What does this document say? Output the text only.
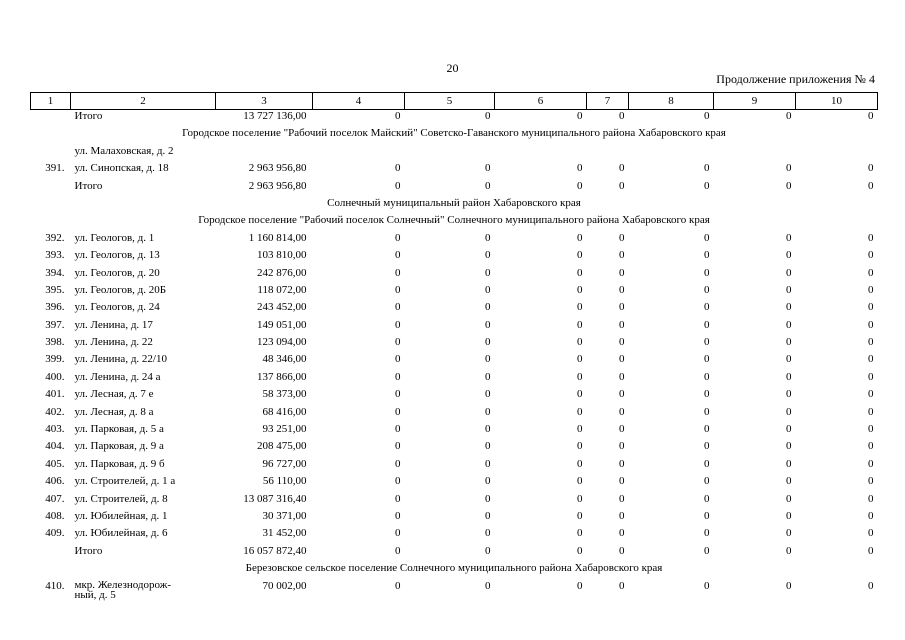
20
Продолжение приложения № 4
1	2	3	4	5	6	7	8	9	10
	Итого	13 727 136,00	0	0	0	0	0	0	0
Городское поселение "Рабочий поселок Майский" Советско-Гаванского муниципального района Хабаровского края									
	ул. Малаховская, д. 2								
391.	ул. Синопская, д. 18	2 963 956,80	0	0	0	0	0	0	0
	Итого	2 963 956,80	0	0	0	0	0	0	0
Солнечный муниципальный район Хабаровского края									
Городское поселение "Рабочий поселок Солнечный" Солнечного муниципального района Хабаровского края									
392.	ул. Геологов, д. 1	1 160 814,00	0	0	0	0	0	0	0
393.	ул. Геологов, д. 13	103 810,00	0	0	0	0	0	0	0
394.	ул. Геологов, д. 20	242 876,00	0	0	0	0	0	0	0
395.	ул. Геологов, д. 20Б	118 072,00	0	0	0	0	0	0	0
396.	ул. Геологов, д. 24	243 452,00	0	0	0	0	0	0	0
397.	ул. Ленина, д. 17	149 051,00	0	0	0	0	0	0	0
398.	ул. Ленина, д. 22	123 094,00	0	0	0	0	0	0	0
399.	ул. Ленина, д. 22/10	48 346,00	0	0	0	0	0	0	0
400.	ул. Ленина, д. 24 а	137 866,00	0	0	0	0	0	0	0
401.	ул. Лесная, д. 7 е	58 373,00	0	0	0	0	0	0	0
402.	ул. Лесная, д. 8 а	68 416,00	0	0	0	0	0	0	0
403.	ул. Парковая, д. 5 а	93 251,00	0	0	0	0	0	0	0
404.	ул. Парковая, д. 9 а	208 475,00	0	0	0	0	0	0	0
405.	ул. Парковая, д. 9 б	96 727,00	0	0	0	0	0	0	0
406.	ул. Строителей, д. 1 а	56 110,00	0	0	0	0	0	0	0
407.	ул. Строителей, д. 8	13 087 316,40	0	0	0	0	0	0	0
408.	ул. Юбилейная, д. 1	30 371,00	0	0	0	0	0	0	0
409.	ул. Юбилейная, д. 6	31 452,00	0	0	0	0	0	0	0
	Итого	16 057 872,40	0	0	0	0	0	0	0
Березовское сельское поселение Солнечного муниципального района Хабаровского края									
410.	мкр. Железнодорож-
ный, д. 5	70 002,00	0	0	0	0	0	0	0
